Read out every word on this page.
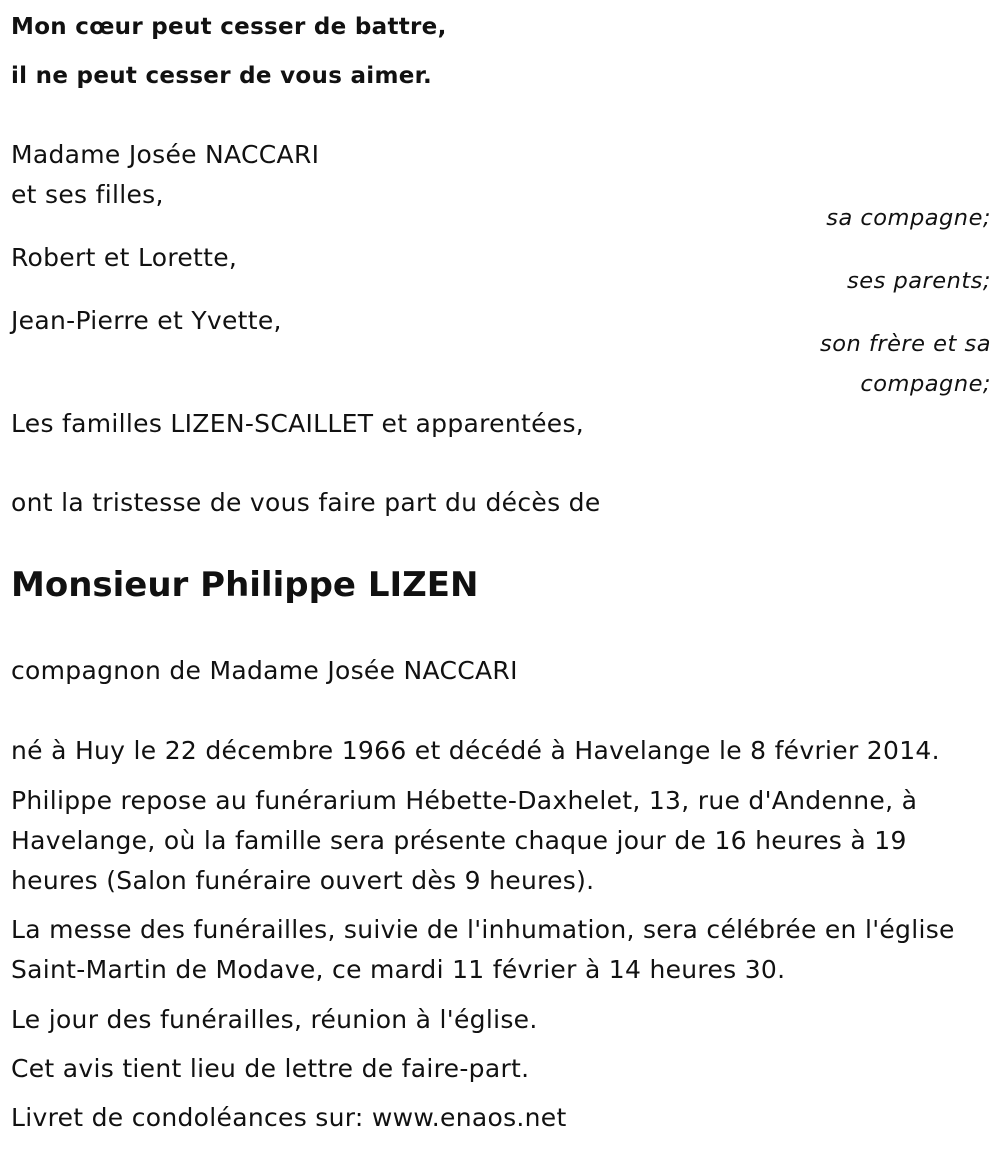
Mon cœur peut cesser de battre,
il ne peut cesser de vous aimer.
Madame Josée NACCARI
et ses filles,
sa compagne;
Robert et Lorette,
ses parents;
Jean-Pierre et Yvette,
son frère et sa
compagne;
Les familles LIZEN-SCAILLET et apparentées,
ont la tristesse de vous faire part du décès de
Monsieur Philippe LIZEN
compagnon de Madame Josée NACCARI
né à Huy le 22 décembre 1966 et décédé à Havelange le 8 février 2014.
Philippe repose au funérarium Hébette-Daxhelet, 13, rue d'Andenne, à
Havelange, où la famille sera présente chaque jour de 16 heures à 19
heures (Salon funéraire ouvert dès 9 heures).
La messe des funérailles, suivie de l'inhumation, sera célébrée en l'église
Saint-Martin de Modave, ce mardi 11 février à 14 heures 30.
Le jour des funérailles, réunion à l'église.
Cet avis tient lieu de lettre de faire-part.
Livret de condoléances sur: www.enaos.net
